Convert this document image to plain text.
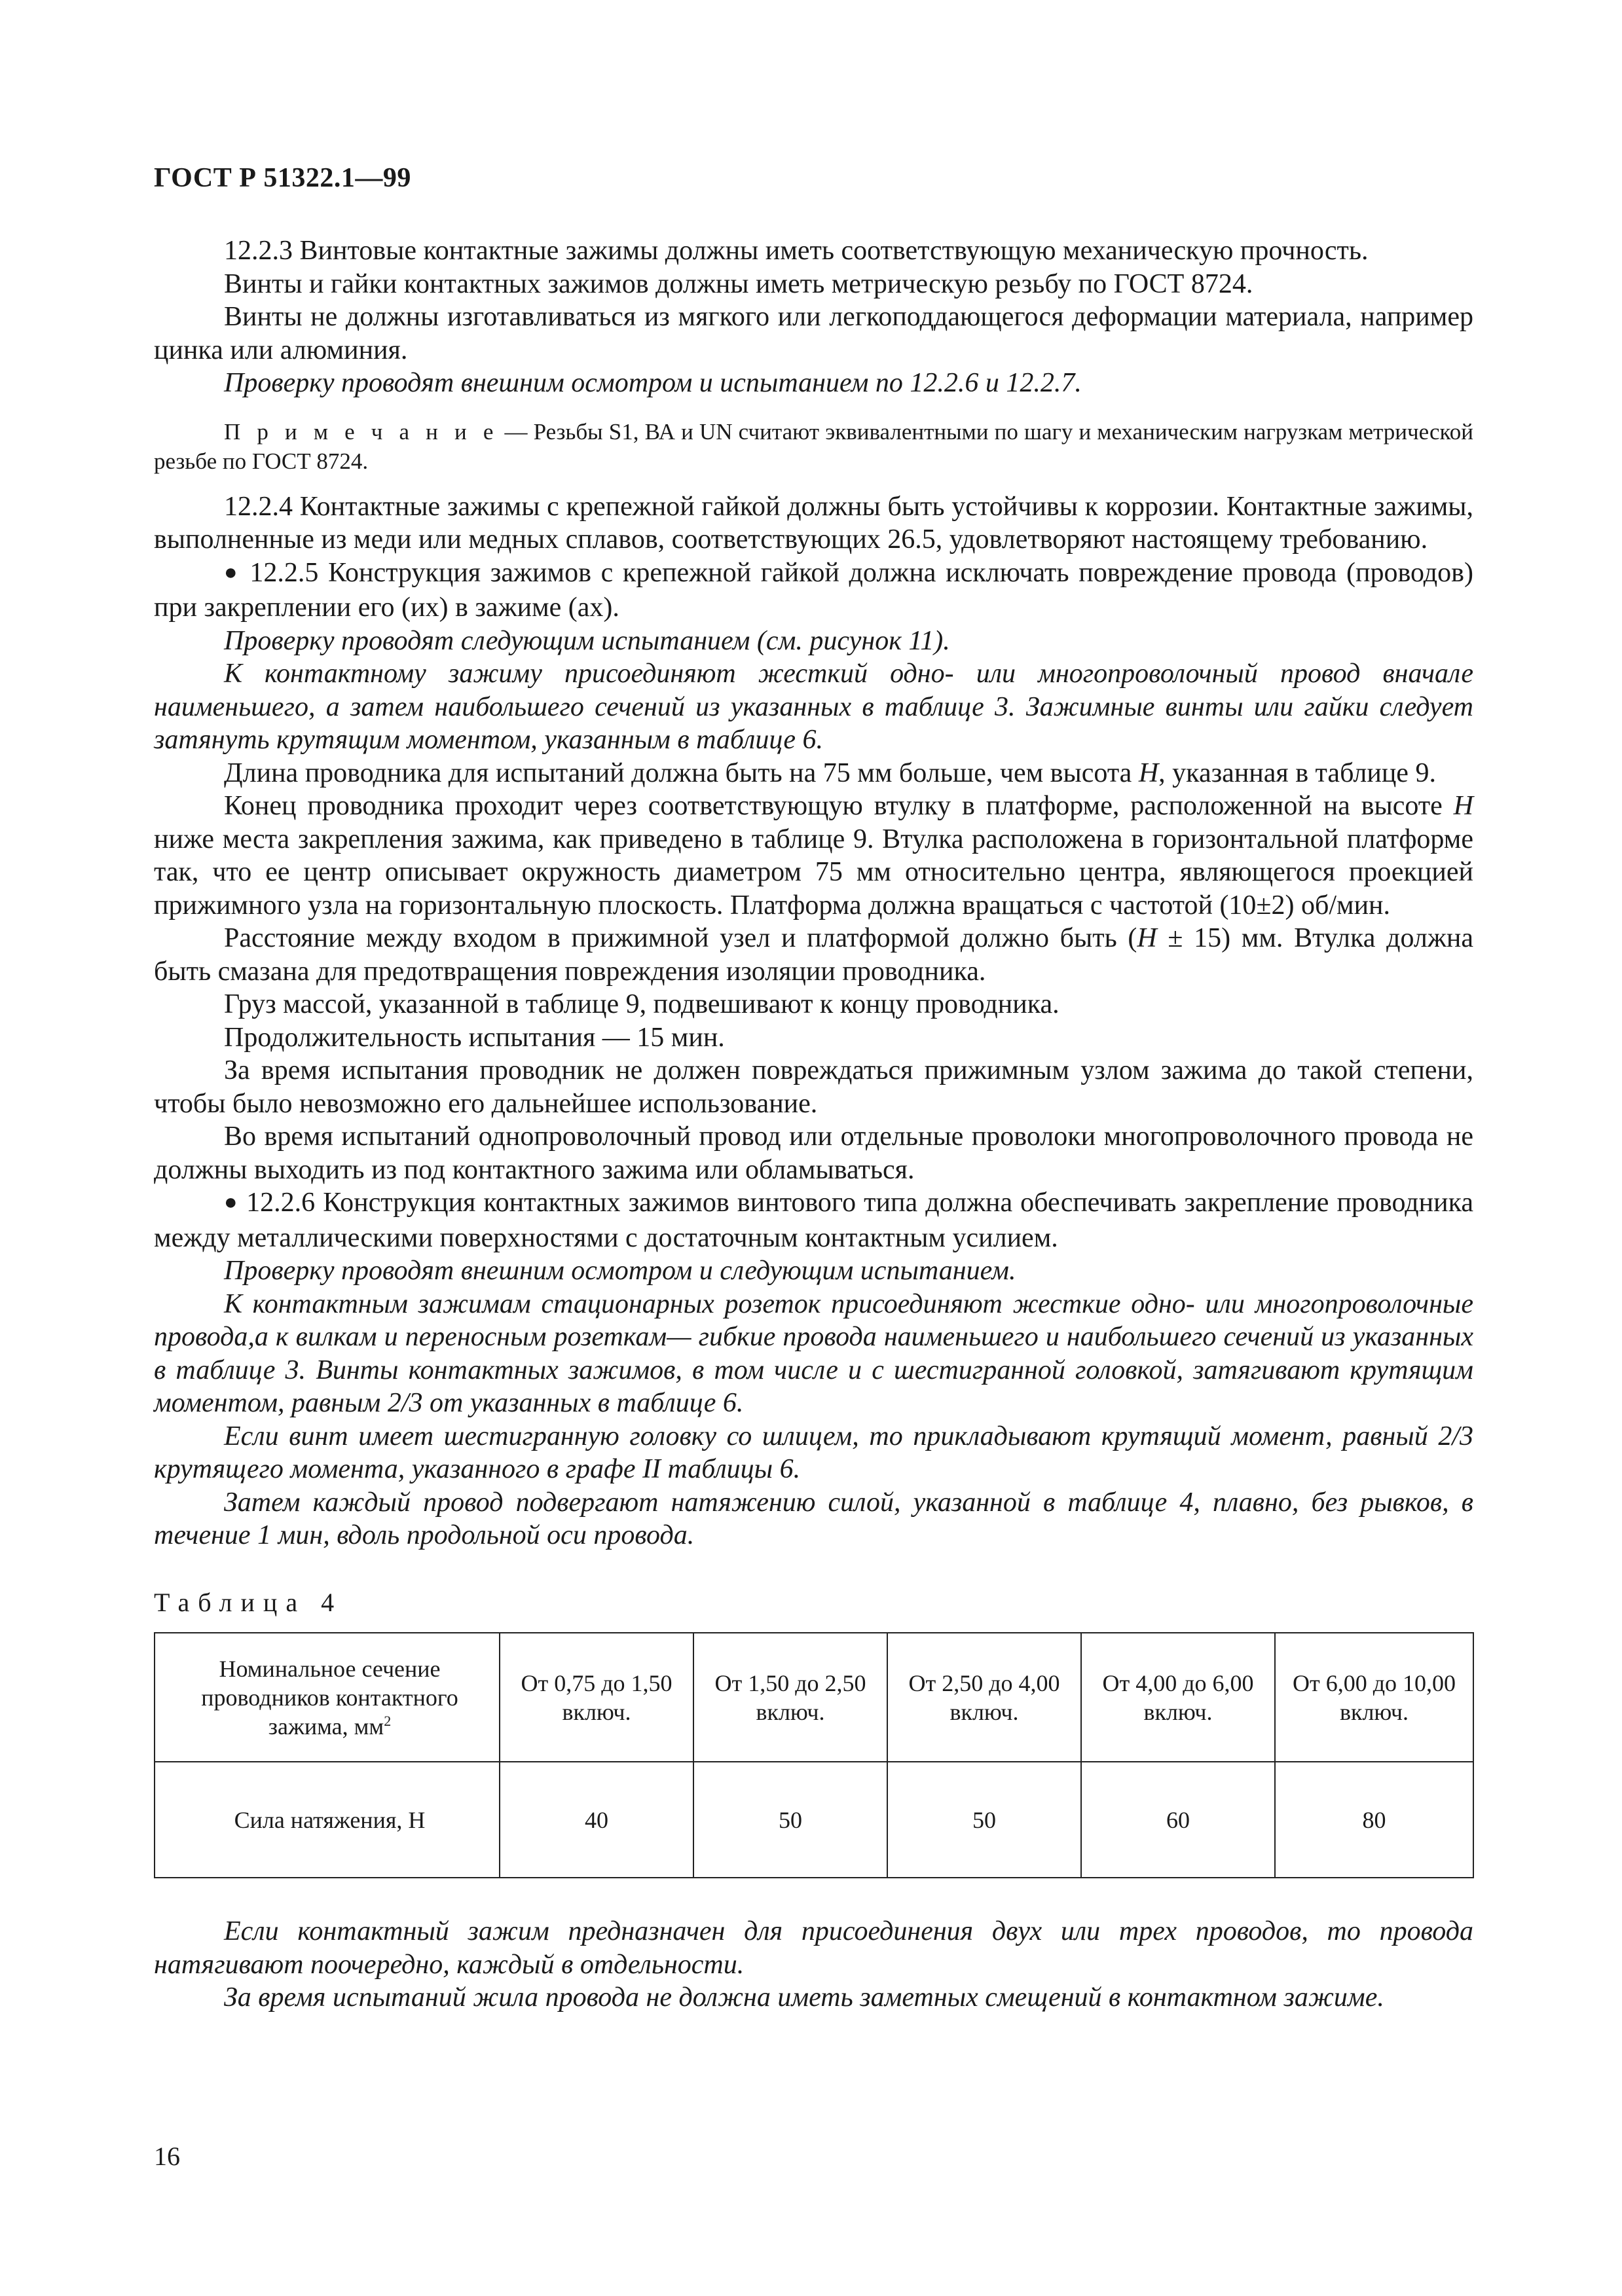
ГОСТ Р 51322.1—99

12.2.3 Винтовые контактные зажимы должны иметь соответствующую механическую прочность.

Винты и гайки контактных зажимов должны иметь метрическую резьбу по ГОСТ 8724.

Винты не должны изготавливаться из мягкого или легкоподдающегося деформации материала, например цинка или алюминия.

Проверку проводят внешним осмотром и испытанием по 12.2.6 и 12.2.7.

П р и м е ч а н и е — Резьбы S1, ВА и UN считают эквивалентными по шагу и механическим нагрузкам метрической резьбе по ГОСТ 8724.

12.2.4 Контактные зажимы с крепежной гайкой должны быть устойчивы к коррозии. Контактные зажимы, выполненные из меди или медных сплавов, соответствующих 26.5, удовлетворяют настоящему требованию.

● 12.2.5 Конструкция зажимов с крепежной гайкой должна исключать повреждение провода (проводов) при закреплении его (их) в зажиме (ах).

Проверку проводят следующим испытанием (см. рисунок 11).

К контактному зажиму присоединяют жесткий одно- или многопроволочный провод вначале наименьшего, а затем наибольшего сечений из указанных в таблице 3. Зажимные винты или гайки следует затянуть крутящим моментом, указанным в таблице 6.

Длина проводника для испытаний должна быть на 75 мм больше, чем высота H, указанная в таблице 9.

Конец проводника проходит через соответствующую втулку в платформе, расположенной на высоте H ниже места закрепления зажима, как приведено в таблице 9. Втулка расположена в горизонтальной платформе так, что ее центр описывает окружность диаметром 75 мм относительно центра, являющегося проекцией прижимного узла на горизонтальную плоскость. Платформа должна вращаться с частотой (10±2) об/мин.

Расстояние между входом в прижимной узел и платформой должно быть (H ± 15) мм. Втулка должна быть смазана для предотвращения повреждения изоляции проводника.

Груз массой, указанной в таблице 9, подвешивают к концу проводника.

Продолжительность испытания — 15 мин.

За время испытания проводник не должен повреждаться прижимным узлом зажима до такой степени, чтобы было невозможно его дальнейшее использование.

Во время испытаний однопроволочный провод или отдельные проволоки многопроволочного провода не должны выходить из под контактного зажима или обламываться.

● 12.2.6 Конструкция контактных зажимов винтового типа должна обеспечивать закрепление проводника между металлическими поверхностями с достаточным контактным усилием.

Проверку проводят внешним осмотром и следующим испытанием.

К контактным зажимам стационарных розеток присоединяют жесткие одно- или многопроволочные провода,а к вилкам и переносным розеткам— гибкие провода наименьшего и наибольшего сечений из указанных в таблице 3. Винты контактных зажимов, в том числе и с шестигранной головкой, затягивают крутящим моментом, равным 2/3 от указанных в таблице 6.

Если винт имеет шестигранную головку со шлицем, то прикладывают крутящий момент, равный 2/3 крутящего момента, указанного в графе II таблицы 6.

Затем каждый провод подвергают натяжению силой, указанной в таблице 4, плавно, без рывков, в течение 1 мин, вдоль продольной оси провода.

Таблица 4
Номинальное сечение проводников контактного зажима, $мм^2$	От 0,75 до 1,50 включ.	От 1,50 до 2,50 включ.	От 2,50 до 4,00 включ.	От 4,00 до 6,00 включ.	От 6,00 до 10,00 включ.
Сила натяжения, Н	40	50	50	60	80

Если контактный зажим предназначен для присоединения двух или трех проводов, то провода натягивают поочередно, каждый в отдельности.

За время испытаний жила провода не должна иметь заметных смещений в контактном зажиме.

16
